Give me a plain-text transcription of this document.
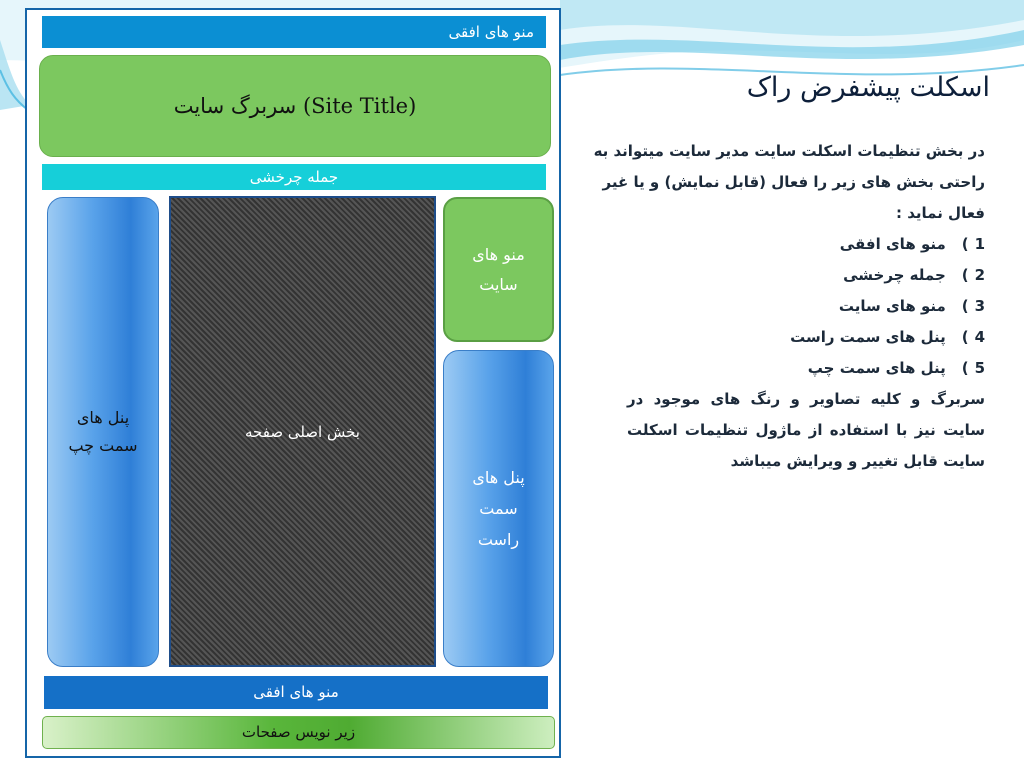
منو های افقی
سربرگ سایت (Site Title)
جمله چرخشی
پنل های
سمت چپ
بخش اصلی صفحه
منو های
سایت
پنل های
سمت
راست
منو های افقی
زیر نویس صفحات
اسکلت پیشفرض راک

در بخش تنظیمات اسکلت سایت مدیر سایت میتواند به راحتی بخش های زیر را فعال (قابل نمایش) و یا غیر فعال نماید :

1) منو های افقی
2) جمله چرخشی
3) منو های سایت
4) پنل های سمت راست
5) پنل های سمت چپ

سربرگ و کلیه تصاویر و رنگ های موجود در سایت نیز با استفاده از ماژول تنظیمات اسکلت سایت قابل تغییر و ویرایش میباشد
